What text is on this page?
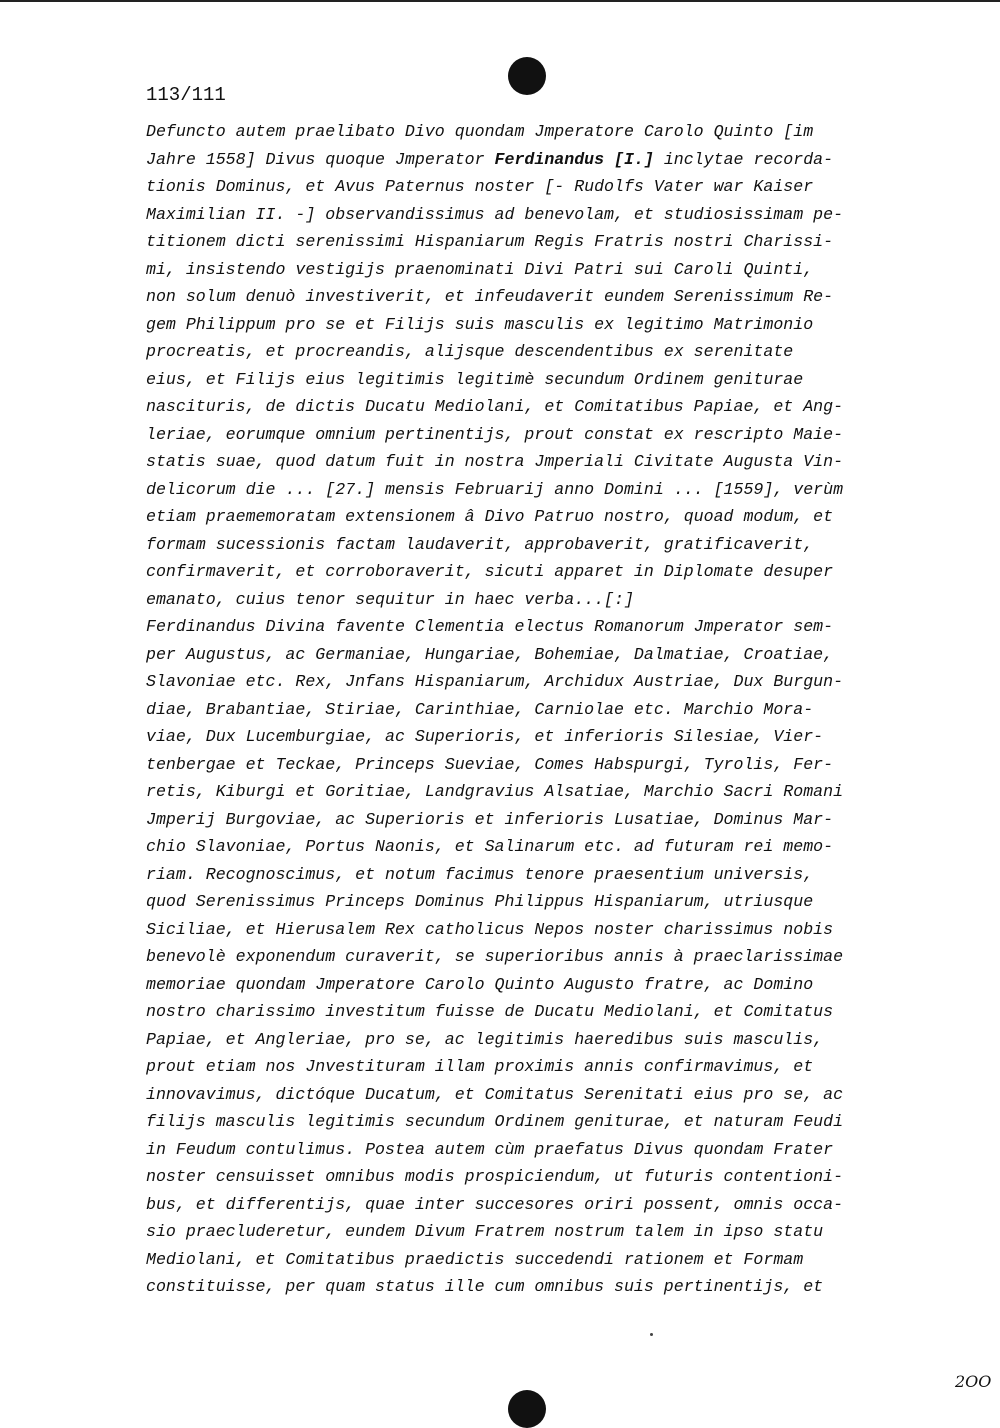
113/111
Defuncto autem praelibato Divo quondam Jmperatore Carolo Quinto [im
Jahre 1558] Divus quoque Jmperator Ferdinandus [I.] inclytae recorda-
tionis Dominus, et Avus Paternus noster [- Rudolfs Vater war Kaiser
Maximilian II. -] observandissimus ad benevolam, et studiosissimam pe-
titionem dicti serenissimi Hispaniarum Regis Fratris nostri Charissi-
mi, insistendo vestigijs praenominati Divi Patri sui Caroli Quinti,
non solum denuò investiverit, et infeudaverit eundem Serenissimum Re-
gem Philippum pro se et Filijs suis masculis ex legitimo Matrimonio
procreatis, et procreandis, alijsque descendentibus ex serenitate
eius, et Filijs eius legitimis legitimè secundum Ordinem geniturae
nascituris, de dictis Ducatu Mediolani, et Comitatibus Papiae, et Ang-
leriae, eorumque omnium pertinentijs, prout constat ex rescripto Maie-
statis suae, quod datum fuit in nostra Jmperiali Civitate Augusta Vin-
delicorum die ... [27.] mensis Februarij anno Domini ... [1559], verùm
etiam praememoratam extensionem â Divo Patruo nostro, quoad modum, et
formam sucessionis factam laudaverit, approbaverit, gratificaverit,
confirmaverit, et corroboraverit, sicuti apparet in Diplomate desuper
emanato, cuius tenor sequitur in haec verba...[:]
Ferdinandus Divina favente Clementia electus Romanorum Jmperator sem-
per Augustus, ac Germaniae, Hungariae, Bohemiae, Dalmatiae, Croatiae,
Slavoniae etc. Rex, Jnfans Hispaniarum, Archidux Austriae, Dux Burgun-
diae, Brabantiae, Stiriae, Carinthiae, Carniolae etc. Marchio Mora-
viae, Dux Lucemburgiae, ac Superioris, et inferioris Silesiae, Vier-
tenbergae et Teckae, Princeps Sueviae, Comes Habspurgi, Tyrolis, Fer-
retis, Kiburgi et Goritiae, Landgravius Alsatiae, Marchio Sacri Romani
Jmperij Burgoviae, ac Superioris et inferioris Lusatiae, Dominus Mar-
chio Slavoniae, Portus Naonis, et Salinarum etc. ad futuram rei memo-
riam. Recognoscimus, et notum facimus tenore praesentium universis,
quod Serenissimus Princeps Dominus Philippus Hispaniarum, utriusque
Siciliae, et Hierusalem Rex catholicus Nepos noster charissimus nobis
benevolè exponendum curaverit, se superioribus annis à praeclarissimae
memoriae quondam Jmperatore Carolo Quinto Augusto fratre, ac Domino
nostro charissimo investitum fuisse de Ducatu Mediolani, et Comitatus
Papiae, et Angleriae, pro se, ac legitimis haeredibus suis masculis,
prout etiam nos Jnvestituram illam proximis annis confirmavimus, et
innovavimus, dictóque Ducatum, et Comitatus Serenitati eius pro se, ac
filijs masculis legitimis secundum Ordinem geniturae, et naturam Feudi
in Feudum contulimus. Postea autem cùm praefatus Divus quondam Frater
noster censuisset omnibus modis prospiciendum, ut futuris contentioni-
bus, et differentijs, quae inter succesores oriri possent, omnis occa-
sio praecluderetur, eundem Divum Fratrem nostrum talem in ipso statu
Mediolani, et Comitatibus praedictis succedendi rationem et Formam
constituisse, per quam status ille cum omnibus suis pertinentijs, et
2OO
